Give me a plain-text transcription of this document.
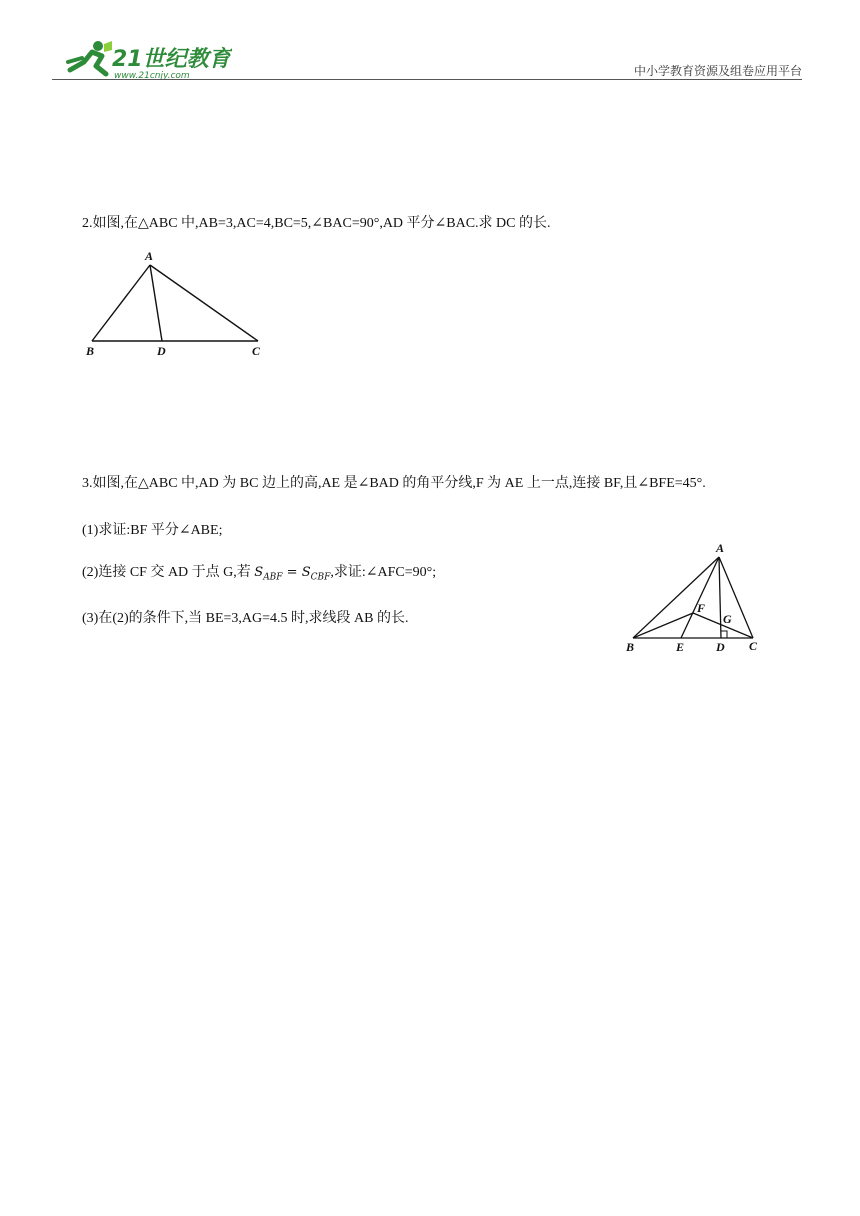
21世纪教育
www.21cnjy.com	中小学教育资源及组卷应用平台
2.如图,在△ABC 中,AB=3,AC=4,BC=5,∠BAC=90°,AD 平分∠BAC.求 DC 的长.
A
B	D	C
3.如图,在△ABC 中,AD 为 BC 边上的高,AE 是∠BAD 的角平分线,F 为 AE 上一点,连接 BF,且∠BFE=45°.
(1)求证:BF 平分∠ABE;
(2)连接 CF 交 AD 于点 G,若 $S_{ABF} = S_{CBF}$,求证:∠AFC=90°;
(3)在(2)的条件下,当 BE=3,AG=4.5 时,求线段 AB 的长.
A
B	E	D C
F
G
